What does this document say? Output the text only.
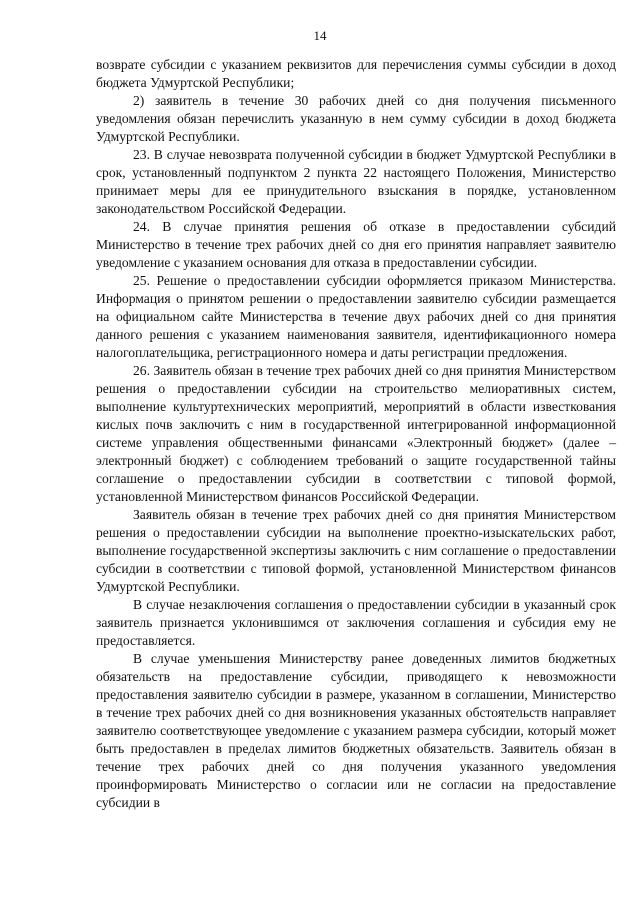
14

возврате субсидии с указанием реквизитов для перечисления суммы субсидии в доход бюджета Удмуртской Республики;

2) заявитель в течение 30 рабочих дней со дня получения письменного уведомления обязан перечислить указанную в нем сумму субсидии в доход бюджета Удмуртской Республики.

23. В случае невозврата полученной субсидии в бюджет Удмуртской Республики в срок, установленный подпунктом 2 пункта 22 настоящего Положения, Министерство принимает меры для ее принудительного взыскания в порядке, установленном законодательством Российской Федерации.

24. В случае принятия решения об отказе в предоставлении субсидий Министерство в течение трех рабочих дней со дня его принятия направляет заявителю уведомление с указанием основания для отказа в предоставлении субсидии.

25. Решение о предоставлении субсидии оформляется приказом Министерства. Информация о принятом решении о предоставлении заявителю субсидии размещается на официальном сайте Министерства в течение двух рабочих дней со дня принятия данного решения с указанием наименования заявителя, идентификационного номера налогоплательщика, регистрационного номера и даты регистрации предложения.

26. Заявитель обязан в течение трех рабочих дней со дня принятия Министерством решения о предоставлении субсидии на строительство мелиоративных систем, выполнение культуртехнических мероприятий, мероприятий в области известкования кислых почв заключить с ним в государственной интегрированной информационной системе управления общественными финансами «Электронный бюджет» (далее – электронный бюджет) с соблюдением требований о защите государственной тайны соглашение о предоставлении субсидии в соответствии с типовой формой, установленной Министерством финансов Российской Федерации.

Заявитель обязан в течение трех рабочих дней со дня принятия Министерством решения о предоставлении субсидии на выполнение проектно-изыскательских работ, выполнение государственной экспертизы заключить с ним соглашение о предоставлении субсидии в соответствии с типовой формой, установленной Министерством финансов Удмуртской Республики.

В случае незаключения соглашения о предоставлении субсидии в указанный срок заявитель признается уклонившимся от заключения соглашения и субсидия ему не предоставляется.

В случае уменьшения Министерству ранее доведенных лимитов бюджетных обязательств на предоставление субсидии, приводящего к невозможности предоставления заявителю субсидии в размере, указанном в соглашении, Министерство в течение трех рабочих дней со дня возникновения указанных обстоятельств направляет заявителю соответствующее уведомление с указанием размера субсидии, который может быть предоставлен в пределах лимитов бюджетных обязательств. Заявитель обязан в течение трех рабочих дней со дня получения указанного уведомления проинформировать Министерство о согласии или не согласии на предоставление субсидии в
